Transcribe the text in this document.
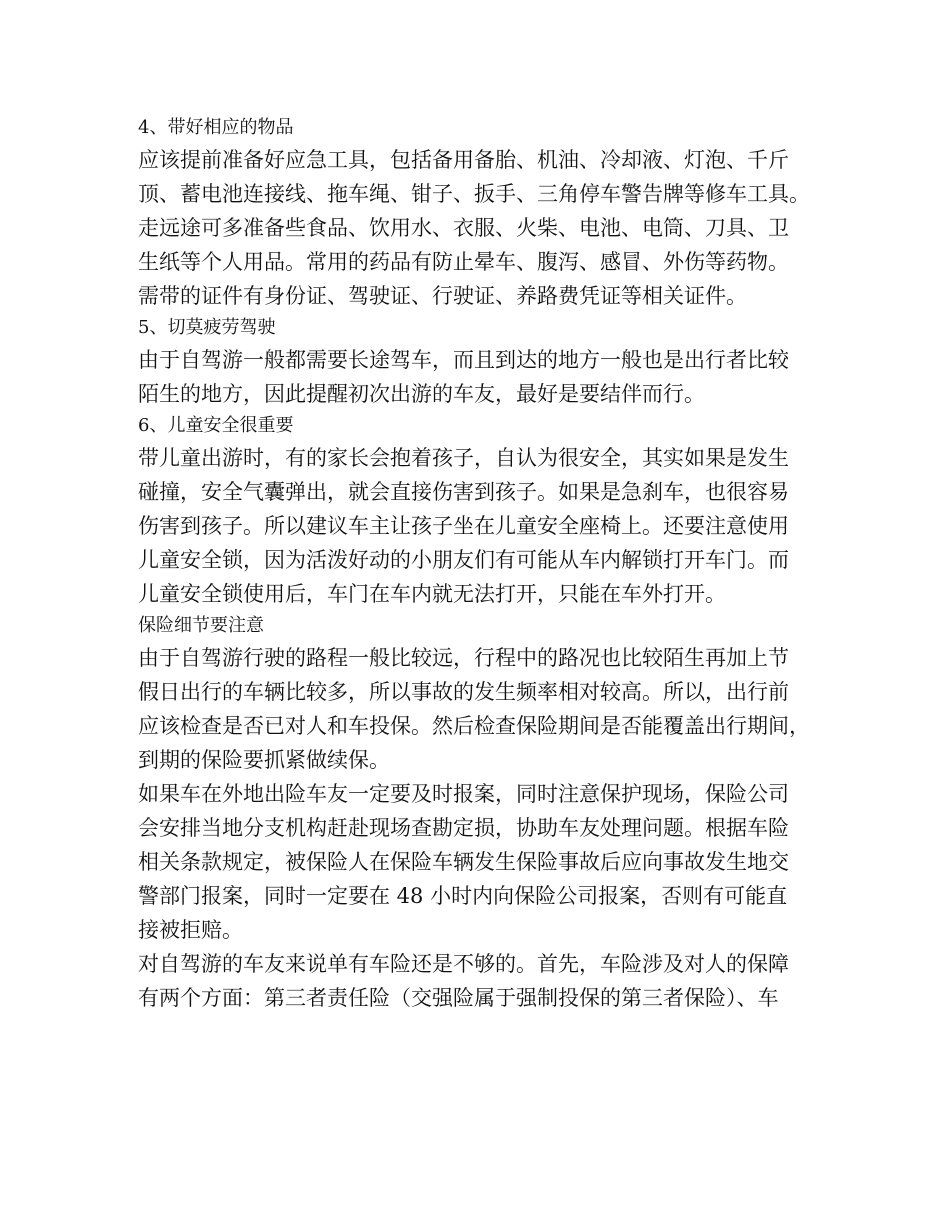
4、带好相应的物品

应该提前准备好应急工具，包括备用备胎、机油、冷却液、灯泡、千斤
顶、蓄电池连接线、拖车绳、钳子、扳手、三角停车警告牌等修车工具。
走远途可多准备些食品、饮用水、衣服、火柴、电池、电筒、刀具、卫
生纸等个人用品。常用的药品有防止晕车、腹泻、感冒、外伤等药物。
需带的证件有身份证、驾驶证、行驶证、养路费凭证等相关证件。

5、切莫疲劳驾驶

由于自驾游一般都需要长途驾车，而且到达的地方一般也是出行者比较
陌生的地方，因此提醒初次出游的车友，最好是要结伴而行。

6、儿童安全很重要

带儿童出游时，有的家长会抱着孩子，自认为很安全，其实如果是发生
碰撞，安全气囊弹出，就会直接伤害到孩子。如果是急刹车，也很容易
伤害到孩子。所以建议车主让孩子坐在儿童安全座椅上。还要注意使用
儿童安全锁，因为活泼好动的小朋友们有可能从车内解锁打开车门。而
儿童安全锁使用后，车门在车内就无法打开，只能在车外打开。

保险细节要注意

由于自驾游行驶的路程一般比较远，行程中的路况也比较陌生再加上节
假日出行的车辆比较多，所以事故的发生频率相对较高。所以，出行前
应该检查是否已对人和车投保。然后检查保险期间是否能覆盖出行期间，
到期的保险要抓紧做续保。

如果车在外地出险车友一定要及时报案，同时注意保护现场，保险公司
会安排当地分支机构赶赴现场查勘定损，协助车友处理问题。根据车险
相关条款规定，被保险人在保险车辆发生保险事故后应向事故发生地交
警部门报案，同时一定要在 48 小时内向保险公司报案，否则有可能直
接被拒赔。

对自驾游的车友来说单有车险还是不够的。首先，车险涉及对人的保障
有两个方面：第三者责任险（交强险属于强制投保的第三者保险）、车
